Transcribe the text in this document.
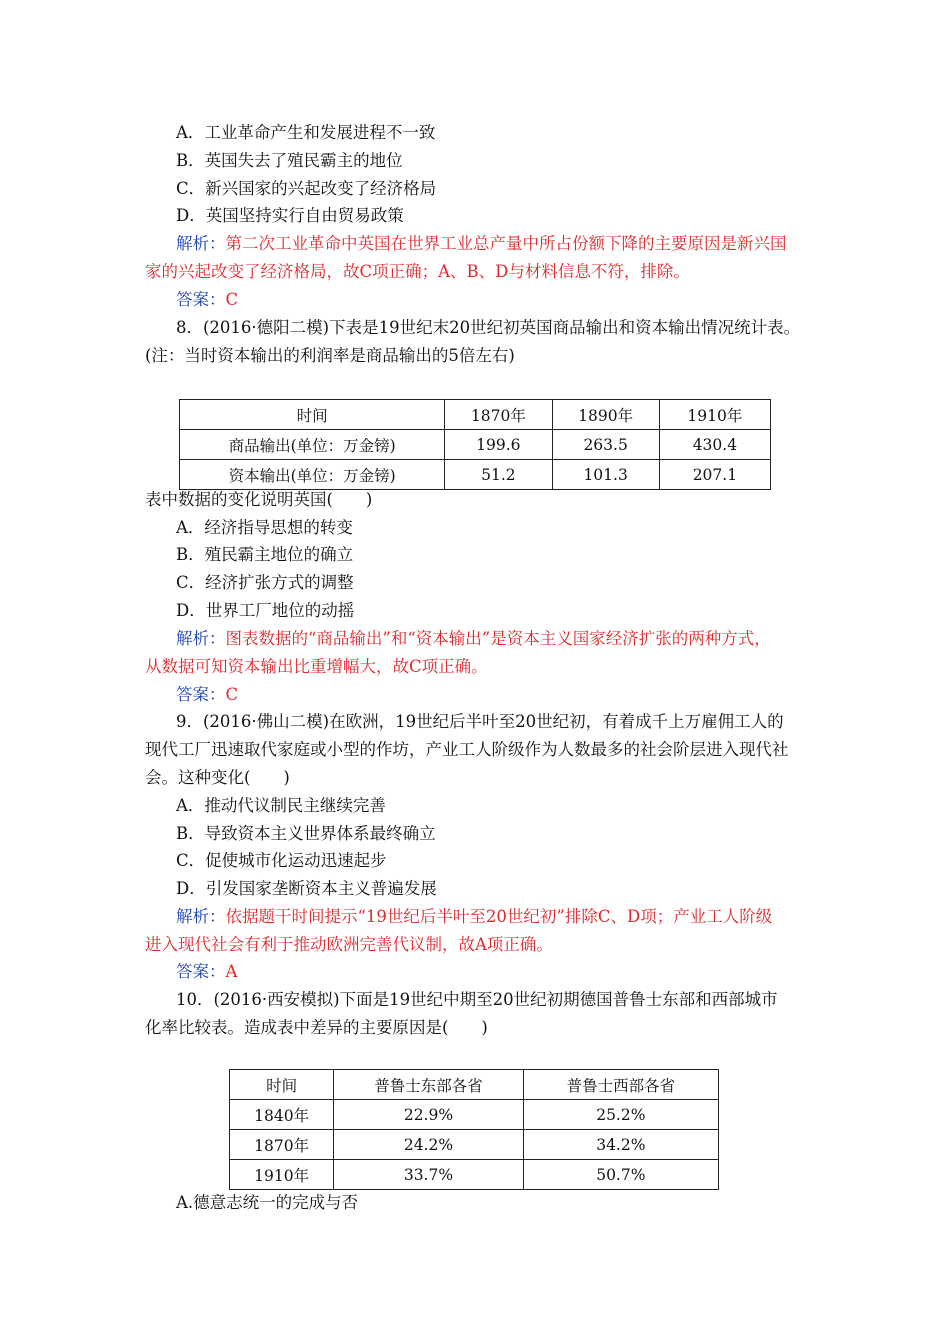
A．工业革命产生和发展进程不一致
B．英国失去了殖民霸主的地位
C．新兴国家的兴起改变了经济格局
D．英国坚持实行自由贸易政策
解析：第二次工业革命中英国在世界工业总产量中所占份额下降的主要原因是新兴国
家的兴起改变了经济格局，故C项正确；A、B、D与材料信息不符，排除。
答案：C
8．(2016·德阳二模)下表是19世纪末20世纪初英国商品输出和资本输出情况统计表。
(注：当时资本输出的利润率是商品输出的5倍左右)
时间	1870年	1890年	1910年
商品输出(单位：万金镑)	199.6	263.5	430.4
资本输出(单位：万金镑)	51.2	101.3	207.1
表中数据的变化说明英国(　　)
A．经济指导思想的转变
B．殖民霸主地位的确立
C．经济扩张方式的调整
D．世界工厂地位的动摇
解析：图表数据的“商品输出”和“资本输出”是资本主义国家经济扩张的两种方式，
从数据可知资本输出比重增幅大，故C项正确。
答案：C
9．(2016·佛山二模)在欧洲，19世纪后半叶至20世纪初，有着成千上万雇佣工人的
现代工厂迅速取代家庭或小型的作坊，产业工人阶级作为人数最多的社会阶层进入现代社
会。这种变化(　　)
A．推动代议制民主继续完善
B．导致资本主义世界体系最终确立
C．促使城市化运动迅速起步
D．引发国家垄断资本主义普遍发展
解析：依据题干时间提示“19世纪后半叶至20世纪初”排除C、D项；产业工人阶级
进入现代社会有利于推动欧洲完善代议制，故A项正确。
答案：A
10．(2016·西安模拟)下面是19世纪中期至20世纪初期德国普鲁士东部和西部城市
化率比较表。造成表中差异的主要原因是(　　)
时间	普鲁士东部各省	普鲁士西部各省
1840年	22.9%	25.2%
1870年	24.2%	34.2%
1910年	33.7%	50.7%
A.德意志统一的完成与否
